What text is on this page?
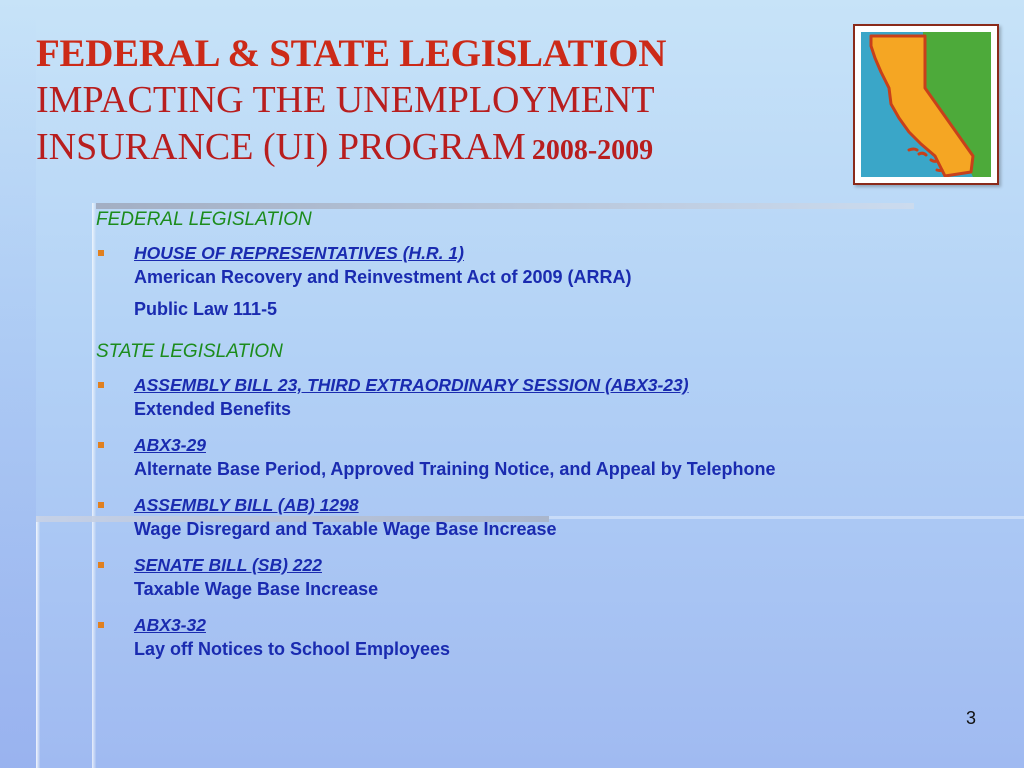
FEDERAL & STATE LEGISLATION
IMPACTING THE UNEMPLOYMENT
INSURANCE (UI) PROGRAM 2008-2009
FEDERAL LEGISLATION
HOUSE OF REPRESENTATIVES (H.R. 1)
American Recovery and Reinvestment Act of 2009 (ARRA)
Public Law 111-5
STATE LEGISLATION
ASSEMBLY BILL 23, THIRD EXTRAORDINARY SESSION (ABX3-23)
Extended Benefits
ABX3-29
Alternate Base Period, Approved Training Notice, and Appeal by Telephone
ASSEMBLY BILL (AB) 1298
Wage Disregard and Taxable Wage Base Increase
SENATE BILL (SB) 222
Taxable Wage Base Increase
ABX3-32
Lay off Notices to School Employees
3
